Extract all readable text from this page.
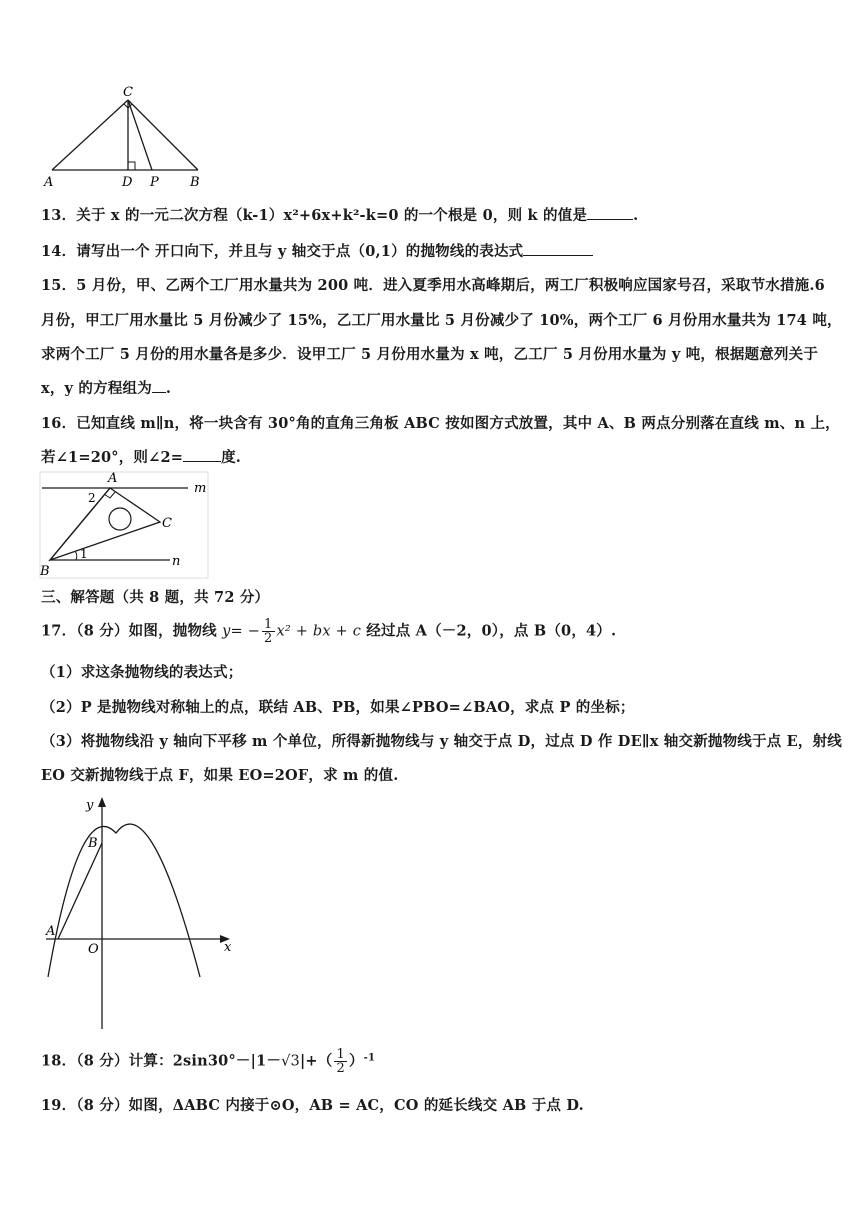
C
A	D P B
13．关于 x 的一元二次方程（k-1）x²+6x+k²-k=0 的一个根是 0，则 k 的值是	.
14．请写出一个 开口向下，并且与 y 轴交于点（0,1）的抛物线的表达式
15．5 月份，甲、乙两个工厂用水量共为 200 吨．进入夏季用水高峰期后，两工厂积极响应国家号召，采取节水措施.6
月份，甲工厂用水量比 5 月份减少了 15%，乙工厂用水量比 5 月份减少了 10%，两个工厂 6 月份用水量共为 174 吨，
求两个工厂 5 月份的用水量各是多少．设甲工厂 5 月份用水量为 x 吨，乙工厂 5 月份用水量为 y 吨，根据题意列关于
x，y 的方程组为 .
16．已知直线 m∥n，将一块含有 30°角的直角三角板 ABC 按如图方式放置，其中 A、B 两点分别落在直线 m、n 上，
若∠1=20°，则∠2=	度.
A
m
2
C
1	n
B
三、解答题（共 8 题，共 72 分）
17．（8 分）如图，抛物线 $y= - \frac{1}{2} x^2$ + bx + c 经过点 A（－2，0），点 B（0，4）.
（1）求这条抛物线的表达式；
（2）P 是抛物线对称轴上的点，联结 AB、PB，如果∠PBO=∠BAO，求点 P 的坐标；
（3）将抛物线沿 y 轴向下平移 m 个单位，所得新抛物线与 y 轴交于点 D，过点 D 作 DE∥x 轴交新抛物线于点 E，射线
EO 交新抛物线于点 F，如果 EO=2OF，求 m 的值.
y
B
A
O	x
18．（8 分）计算：$2\sin 30^\circ-|1-√3|+( \frac{1}{2} )^{-1}$
19．（8 分）如图，ΔABC 内接于⊙O，AB = AC，CO 的延长线交 AB 于点 D.
